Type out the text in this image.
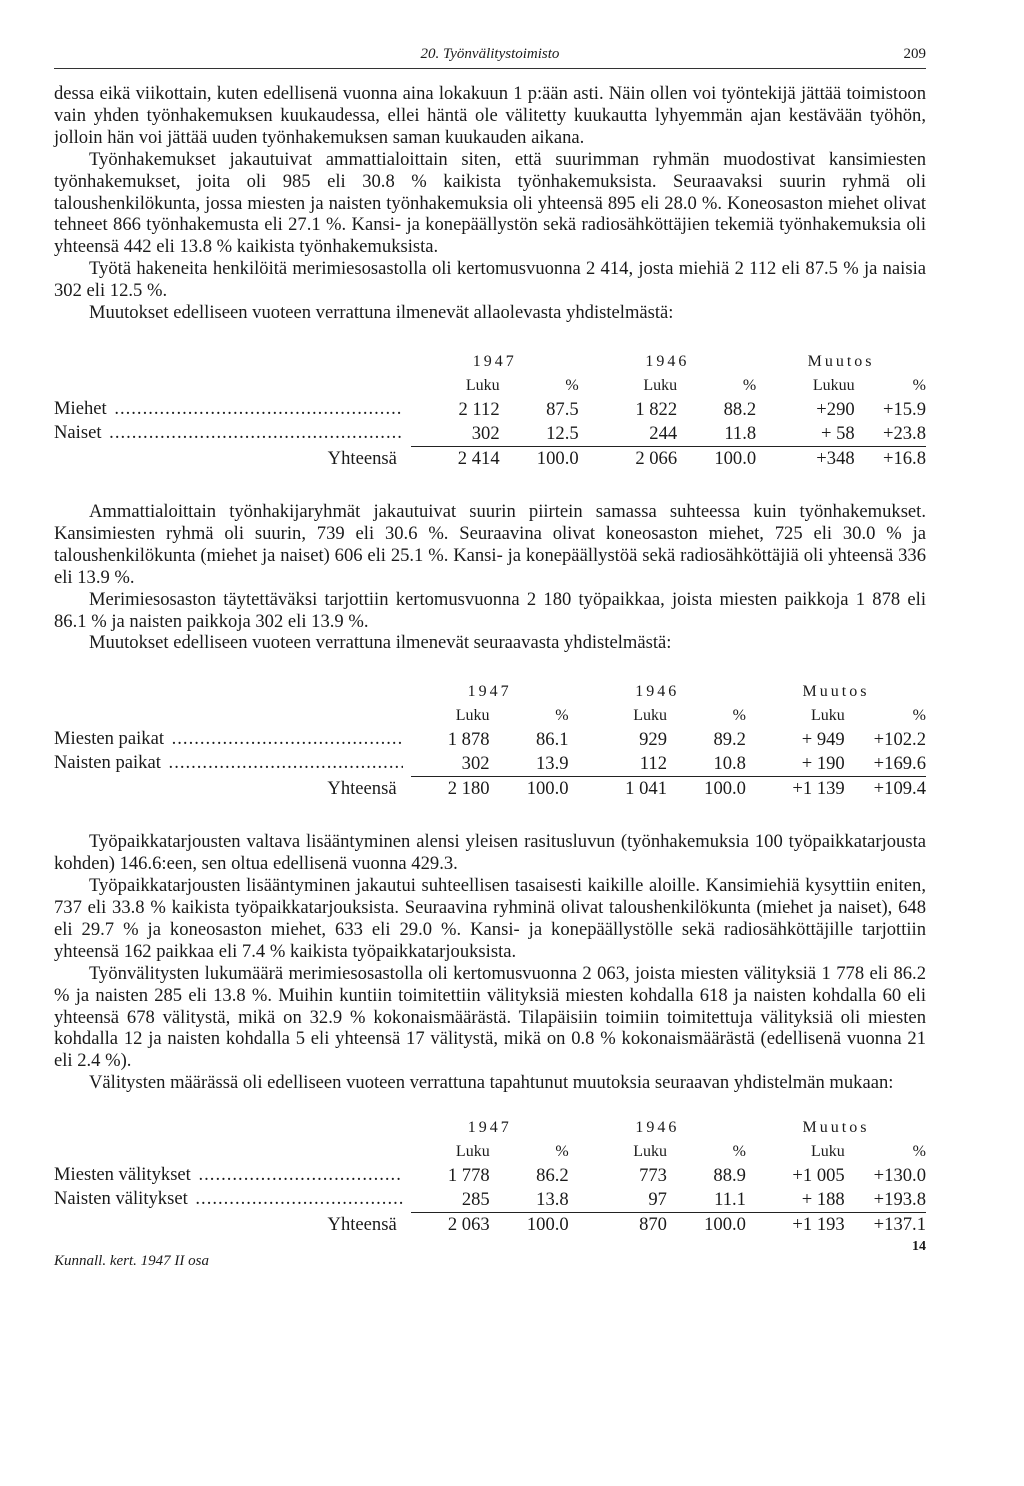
20. Työnvälitystoimisto	209

dessa eikä viikottain, kuten edellisenä vuonna aina lokakuun 1 p:ään asti. Näin ollen voi työntekijä jättää toimistoon vain yhden työnhakemuksen kuukaudessa, ellei häntä ole välitetty kuukautta lyhyemmän ajan kestävään työhön, jolloin hän voi jättää uuden työnhakemuksen saman kuukauden aikana.

Työnhakemukset jakautuivat ammattialoittain siten, että suurimman ryhmän muodostivat kansimiesten työnhakemukset, joita oli 985 eli 30.8 % kaikista työnhakemuksista. Seuraavaksi suurin ryhmä oli taloushenkilökunta, jossa miesten ja naisten työnhakemuksia oli yhteensä 895 eli 28.0 %. Koneosaston miehet olivat tehneet 866 työnhakemusta eli 27.1 %. Kansi- ja konepäällystön sekä radiosähköttäjien tekemiä työnhakemuksia oli yhteensä 442 eli 13.8 % kaikista työnhakemuksista.

Työtä hakeneita henkilöitä merimiesosastolla oli kertomusvuonna 2 414, josta miehiä 2 112 eli 87.5 % ja naisia 302 eli 12.5 %.

Muutokset edelliseen vuoteen verrattuna ilmenevät allaolevasta yhdistelmästä:

	1947		1946		Muutos	
	Luku	%	Luku	%	Lukuu	%

Miehet .....	2 112	87.5	1 822	88.2	+290	+15.9

Naiset .....	302	12.5	244	11.8	+ 58	+23.8
Yhteensä	2 414	100.0	2 066	100.0	+348	+16.8

Ammattialoittain työnhakijaryhmät jakautuivat suurin piirtein samassa suhteessa kuin työnhakemukset. Kansimiesten ryhmä oli suurin, 739 eli 30.6 %. Seuraavina olivat koneosaston miehet, 725 eli 30.0 % ja taloushenkilökunta (miehet ja naiset) 606 eli 25.1 %. Kansi- ja konepäällystöä sekä radiosähköttäjiä oli yhteensä 336 eli 13.9 %.

Merimiesosaston täytettäväksi tarjottiin kertomusvuonna 2 180 työpaikkaa, joista miesten paikkoja 1 878 eli 86.1 % ja naisten paikkoja 302 eli 13.9 %.

Muutokset edelliseen vuoteen verrattuna ilmenevät seuraavasta yhdistelmästä:

	1947		1946		Muutos	
	Luku	%	Luku	%	Luku	%

Miesten paikat .....	1 878	86.1	929	89.2	+ 949	+102.2

Naisten paikat .....	302	13.9	112	10.8	+ 190	+169.6
Yhteensä	2 180	100.0	1 041	100.0	+1 139	+109.4

Työpaikkatarjousten valtava lisääntyminen alensi yleisen rasitusluvun (työnhakemuksia 100 työpaikkatarjousta kohden) 146.6:een, sen oltua edellisenä vuonna 429.3.

Työpaikkatarjousten lisääntyminen jakautui suhteellisen tasaisesti kaikille aloille. Kansimiehiä kysyttiin eniten, 737 eli 33.8 % kaikista työpaikkatarjouksista. Seuraavina ryhminä olivat taloushenkilökunta (miehet ja naiset), 648 eli 29.7 % ja koneosaston miehet, 633 eli 29.0 %. Kansi- ja konepäällystölle sekä radiosähköttäjille tarjottiin yhteensä 162 paikkaa eli 7.4 % kaikista työpaikkatarjouksista.

Työnvälitysten lukumäärä merimiesosastolla oli kertomusvuonna 2 063, joista miesten välityksiä 1 778 eli 86.2 % ja naisten 285 eli 13.8 %. Muihin kuntiin toimitettiin välityksiä miesten kohdalla 618 ja naisten kohdalla 60 eli yhteensä 678 välitystä, mikä on 32.9 % kokonaismäärästä. Tilapäisiin toimiin toimitettuja välityksiä oli miesten kohdalla 12 ja naisten kohdalla 5 eli yhteensä 17 välitystä, mikä on 0.8 % kokonaismäärästä (edellisenä vuonna 21 eli 2.4 %).

Välitysten määrässä oli edelliseen vuoteen verrattuna tapahtunut muutoksia seuraavan yhdistelmän mukaan:

	1947		1946		Muutos	
	Luku	%	Luku	%	Luku	%

Miesten välitykset .....	1 778	86.2	773	88.9	+1 005	+130.0

Naisten välitykset .....	285	13.8	97	11.1	+ 188	+193.8
Yhteensä	2 063	100.0	870	100.0	+1 193	+137.1
Kunnall. kert. 1947 II osa
14
